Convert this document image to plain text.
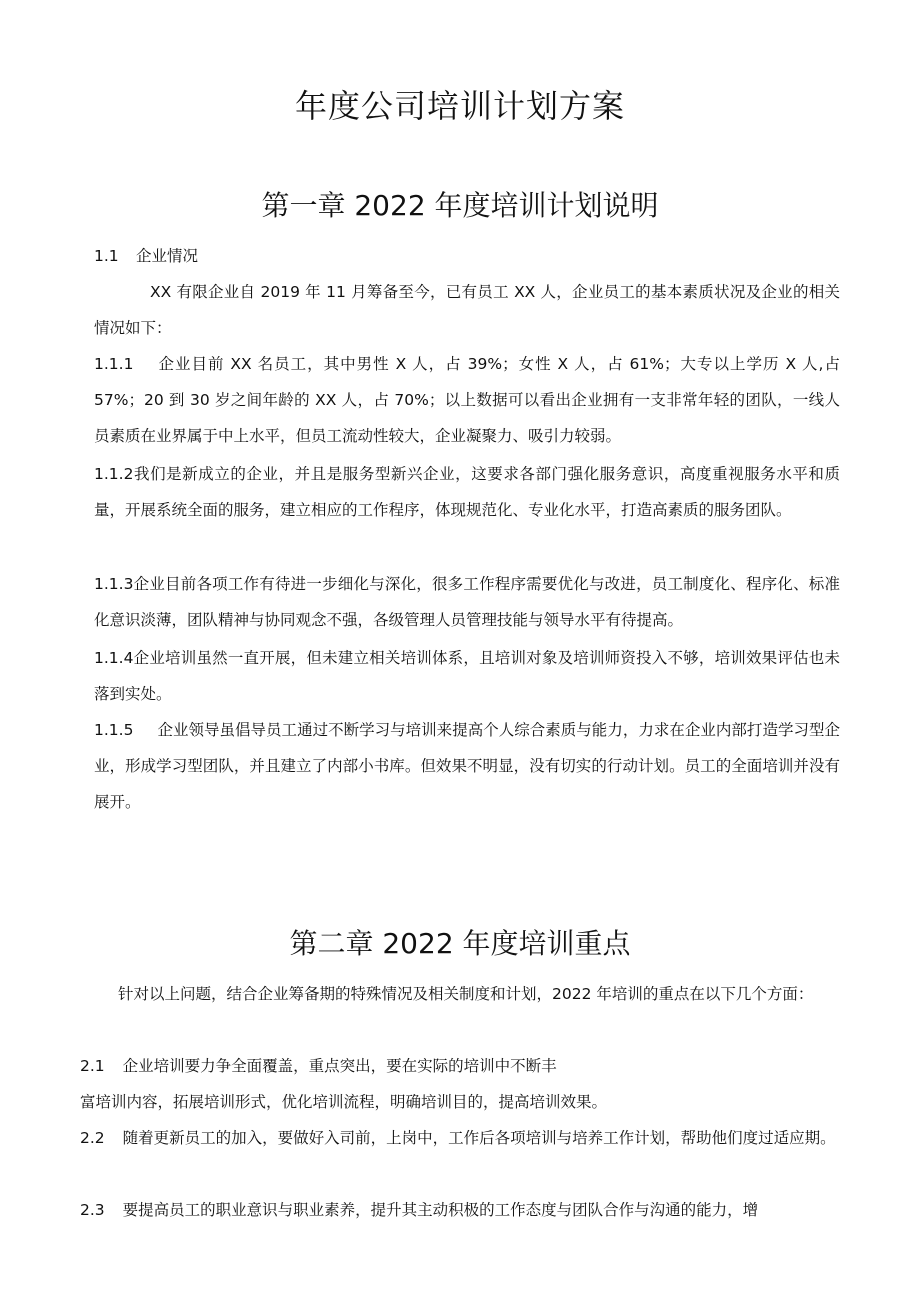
年度公司培训计划方案
第一章 2022 年度培训计划说明

1.1 企业情况

XX 有限企业自 2019 年 11 月筹备至今，已有员工 XX 人，企业员工的基本素质状况及企业的相关情况如下：

1.1.1 企业目前 XX 名员工，其中男性 X 人，占 39%；女性 X 人，占 61%；大专以上学历 X 人,占 57%；20 到 30 岁之间年龄的 XX 人，占 70%；以上数据可以看出企业拥有一支非常年轻的团队，一线人员素质在业界属于中上水平，但员工流动性较大，企业凝聚力、吸引力较弱。

1.1.2我们是新成立的企业，并且是服务型新兴企业，这要求各部门强化服务意识，高度重视服务水平和质量，开展系统全面的服务，建立相应的工作程序，体现规范化、专业化水平，打造高素质的服务团队。

1.1.3企业目前各项工作有待进一步细化与深化，很多工作程序需要优化与改进，员工制度化、程序化、标准化意识淡薄，团队精神与协同观念不强，各级管理人员管理技能与领导水平有待提高。

1.1.4企业培训虽然一直开展，但未建立相关培训体系，且培训对象及培训师资投入不够，培训效果评估也未落到实处。

1.1.5 企业领导虽倡导员工通过不断学习与培训来提高个人综合素质与能力，力求在企业内部打造学习型企业，形成学习型团队，并且建立了内部小书库。但效果不明显，没有切实的行动计划。员工的全面培训并没有展开。

第二章 2022 年度培训重点

针对以上问题，结合企业筹备期的特殊情况及相关制度和计划，2022 年培训的重点在以下几个方面：

2.1 企业培训要力争全面覆盖，重点突出，要在实际的培训中不断丰

富培训内容，拓展培训形式，优化培训流程，明确培训目的，提高培训效果。

2.2 随着更新员工的加入，要做好入司前，上岗中，工作后各项培训与培养工作计划，帮助他们度过适应期。

2.3 要提高员工的职业意识与职业素养，提升其主动积极的工作态度与团队合作与沟通的能力，增
